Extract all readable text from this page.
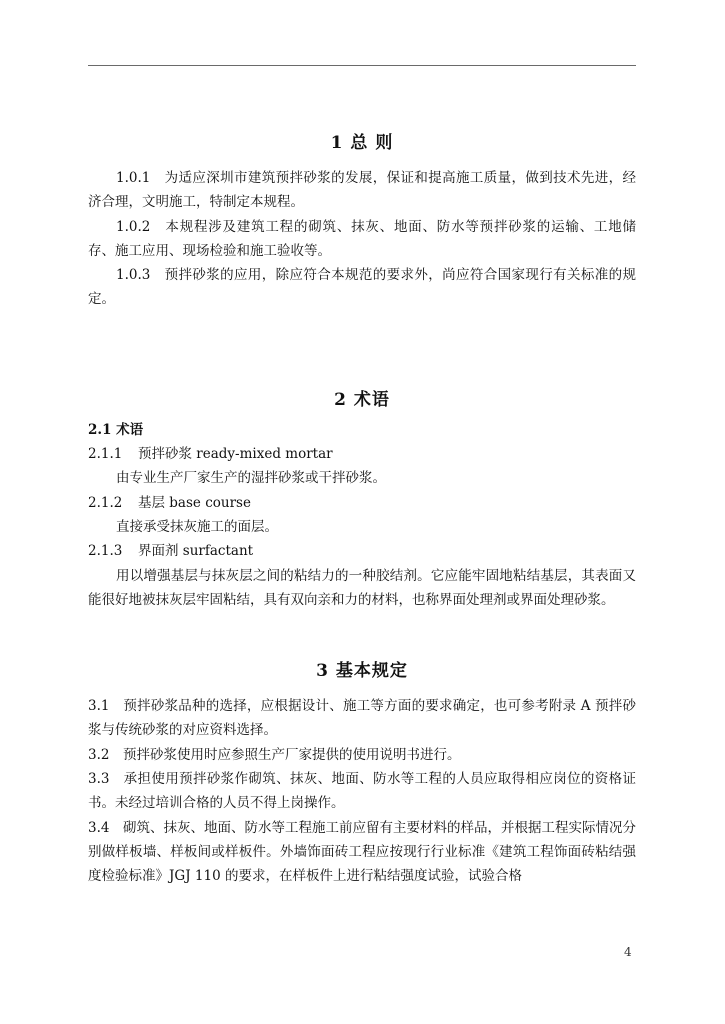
1 总 则

1.0.1　为适应深圳市建筑预拌砂浆的发展，保证和提高施工质量，做到技术先进，经济合理，文明施工，特制定本规程。

1.0.2　本规程涉及建筑工程的砌筑、抹灰、地面、防水等预拌砂浆的运输、工地储存、施工应用、现场检验和施工验收等。

1.0.3　预拌砂浆的应用，除应符合本规范的要求外，尚应符合国家现行有关标准的规定。

2 术语

2.1 术语

2.1.1 预拌砂浆 ready-mixed mortar

由专业生产厂家生产的湿拌砂浆或干拌砂浆。

2.1.2 基层 base course

直接承受抹灰施工的面层。

2.1.3 界面剂 surfactant

用以增强基层与抹灰层之间的粘结力的一种胶结剂。它应能牢固地粘结基层，其表面又能很好地被抹灰层牢固粘结，具有双向亲和力的材料，也称界面处理剂或界面处理砂浆。

3 基本规定

3.1　预拌砂浆品种的选择，应根据设计、施工等方面的要求确定，也可参考附录 A 预拌砂浆与传统砂浆的对应资料选择。

3.2　预拌砂浆使用时应参照生产厂家提供的使用说明书进行。

3.3　承担使用预拌砂浆作砌筑、抹灰、地面、防水等工程的人员应取得相应岗位的资格证书。未经过培训合格的人员不得上岗操作。

3.4　砌筑、抹灰、地面、防水等工程施工前应留有主要材料的样品，并根据工程实际情况分别做样板墙、样板间或样板件。外墙饰面砖工程应按现行行业标准《建筑工程饰面砖粘结强度检验标准》JGJ 110 的要求，在样板件上进行粘结强度试验，试验合格

4
